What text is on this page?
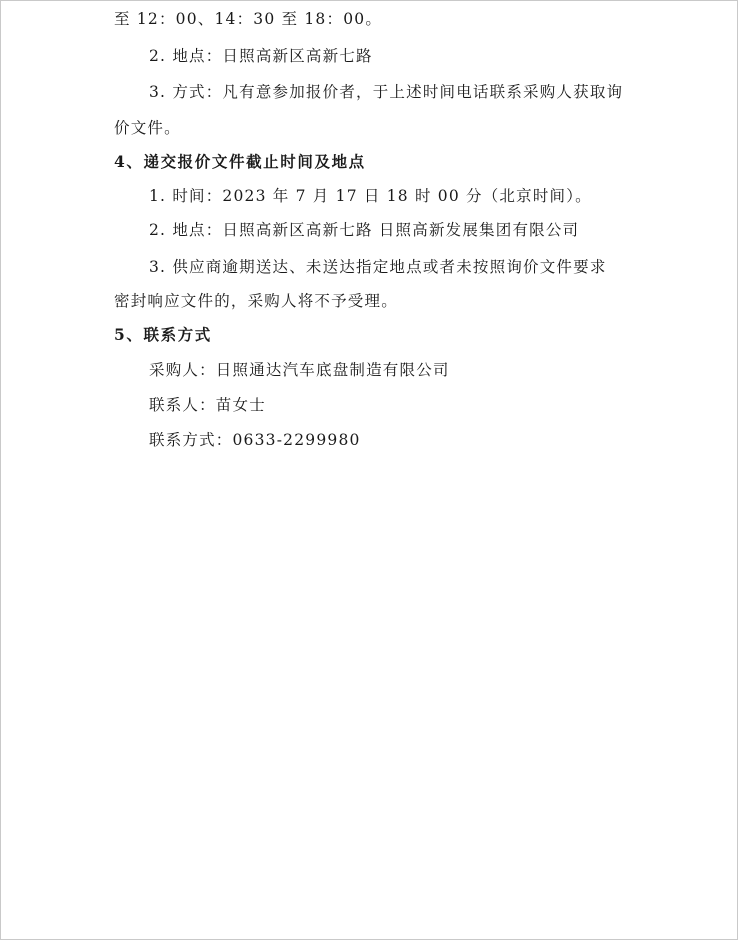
至 12：00、14：30 至 18：00。
2. 地点：日照高新区高新七路
3. 方式：凡有意参加报价者，于上述时间电话联系采购人获取询
价文件。
4、递交报价文件截止时间及地点
1. 时间：2023 年 7 月 17 日 18 时 00 分（北京时间）。
2. 地点：日照高新区高新七路 日照高新发展集团有限公司
3. 供应商逾期送达、未送达指定地点或者未按照询价文件要求
密封响应文件的，采购人将不予受理。
5、联系方式
采购人：日照通达汽车底盘制造有限公司
联系人：苗女士
联系方式：0633-2299980
